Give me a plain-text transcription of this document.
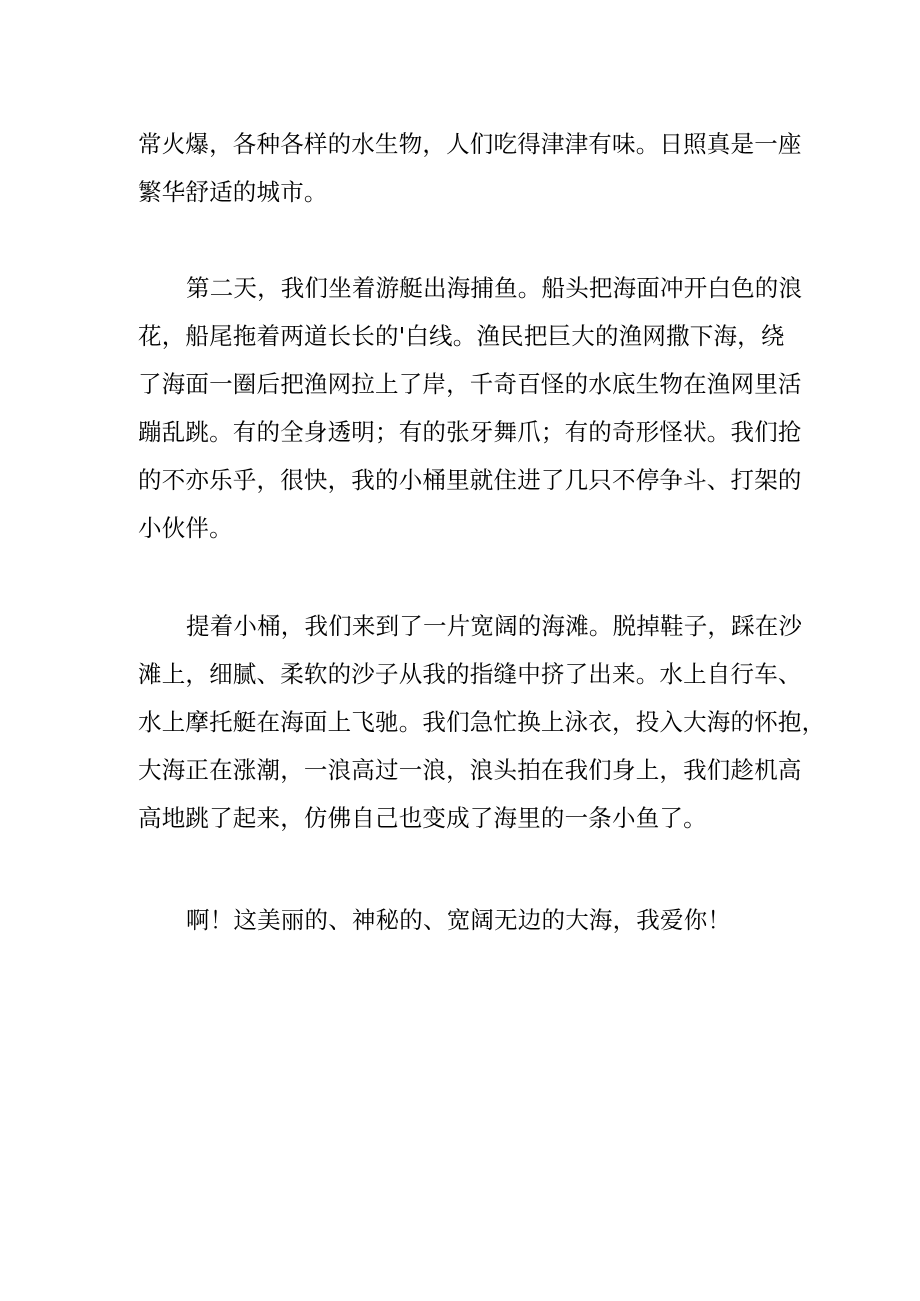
常火爆，各种各样的水生物，人们吃得津津有味。日照真是一座
繁华舒适的城市。
第二天，我们坐着游艇出海捕鱼。船头把海面冲开白色的浪
花，船尾拖着两道长长的'白线。渔民把巨大的渔网撒下海，绕
了海面一圈后把渔网拉上了岸，千奇百怪的水底生物在渔网里活
蹦乱跳。有的全身透明；有的张牙舞爪；有的奇形怪状。我们抢
的不亦乐乎，很快，我的小桶里就住进了几只不停争斗、打架的
小伙伴。
提着小桶，我们来到了一片宽阔的海滩。脱掉鞋子，踩在沙
滩上，细腻、柔软的沙子从我的指缝中挤了出来。水上自行车、
水上摩托艇在海面上飞驰。我们急忙换上泳衣，投入大海的怀抱，
大海正在涨潮，一浪高过一浪，浪头拍在我们身上，我们趁机高
高地跳了起来，仿佛自己也变成了海里的一条小鱼了。
啊！这美丽的、神秘的、宽阔无边的大海，我爱你！
